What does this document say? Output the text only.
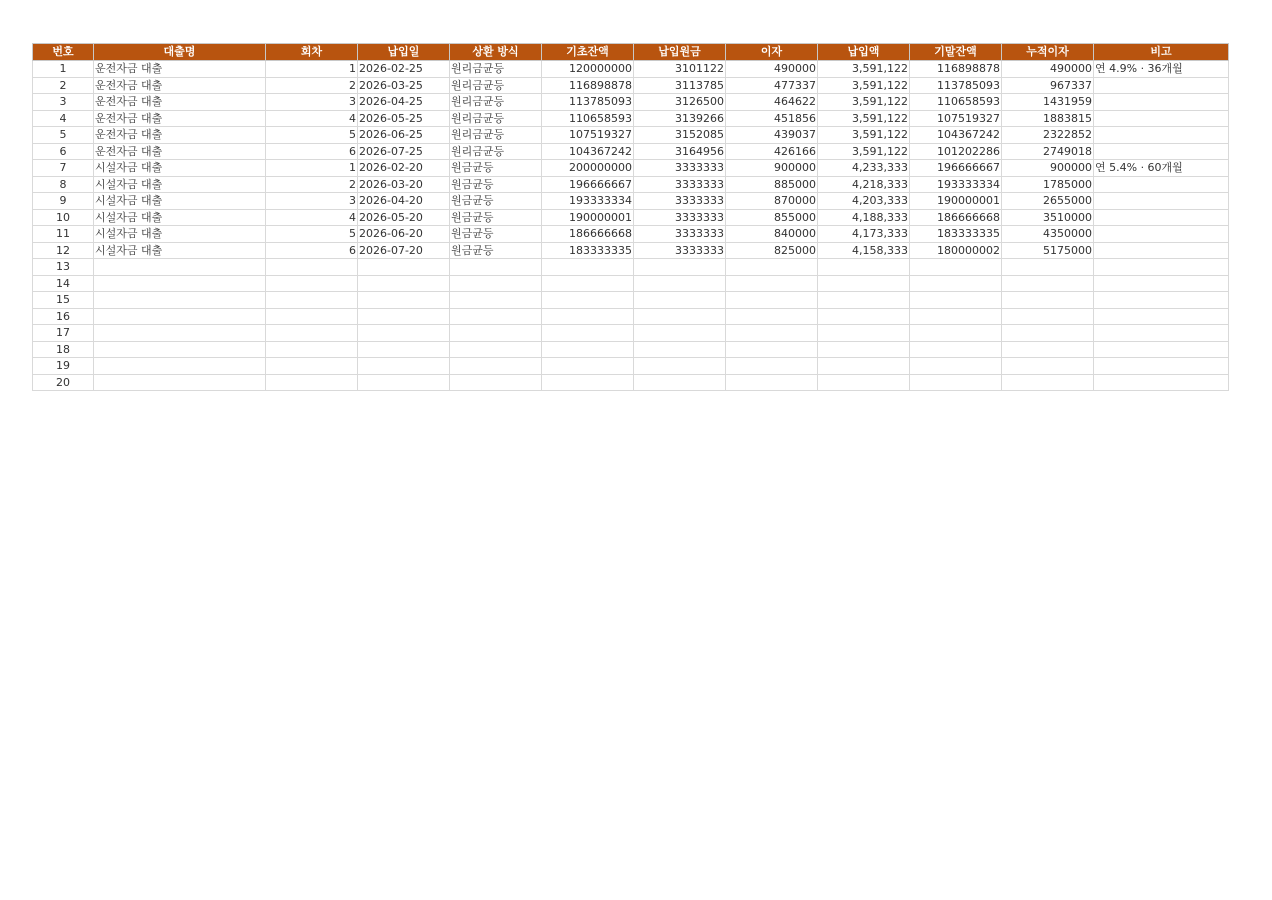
번호	대출명	회차	납입일	상환 방식	기초잔액	납입원금	이자	납입액	기말잔액	누적이자	비고
1	운전자금 대출	1	2026-02-25	원리금균등	120000000	3101122	490000	3,591,122	116898878	490000	연 4.9% · 36개월
2	운전자금 대출	2	2026-03-25	원리금균등	116898878	3113785	477337	3,591,122	113785093	967337	
3	운전자금 대출	3	2026-04-25	원리금균등	113785093	3126500	464622	3,591,122	110658593	1431959	
4	운전자금 대출	4	2026-05-25	원리금균등	110658593	3139266	451856	3,591,122	107519327	1883815	
5	운전자금 대출	5	2026-06-25	원리금균등	107519327	3152085	439037	3,591,122	104367242	2322852	
6	운전자금 대출	6	2026-07-25	원리금균등	104367242	3164956	426166	3,591,122	101202286	2749018	
7	시설자금 대출	1	2026-02-20	원금균등	200000000	3333333	900000	4,233,333	196666667	900000	연 5.4% · 60개월
8	시설자금 대출	2	2026-03-20	원금균등	196666667	3333333	885000	4,218,333	193333334	1785000	
9	시설자금 대출	3	2026-04-20	원금균등	193333334	3333333	870000	4,203,333	190000001	2655000	
10	시설자금 대출	4	2026-05-20	원금균등	190000001	3333333	855000	4,188,333	186666668	3510000	
11	시설자금 대출	5	2026-06-20	원금균등	186666668	3333333	840000	4,173,333	183333335	4350000	
12	시설자금 대출	6	2026-07-20	원금균등	183333335	3333333	825000	4,158,333	180000002	5175000	
13											
14											
15											
16											
17											
18											
19											
20											
